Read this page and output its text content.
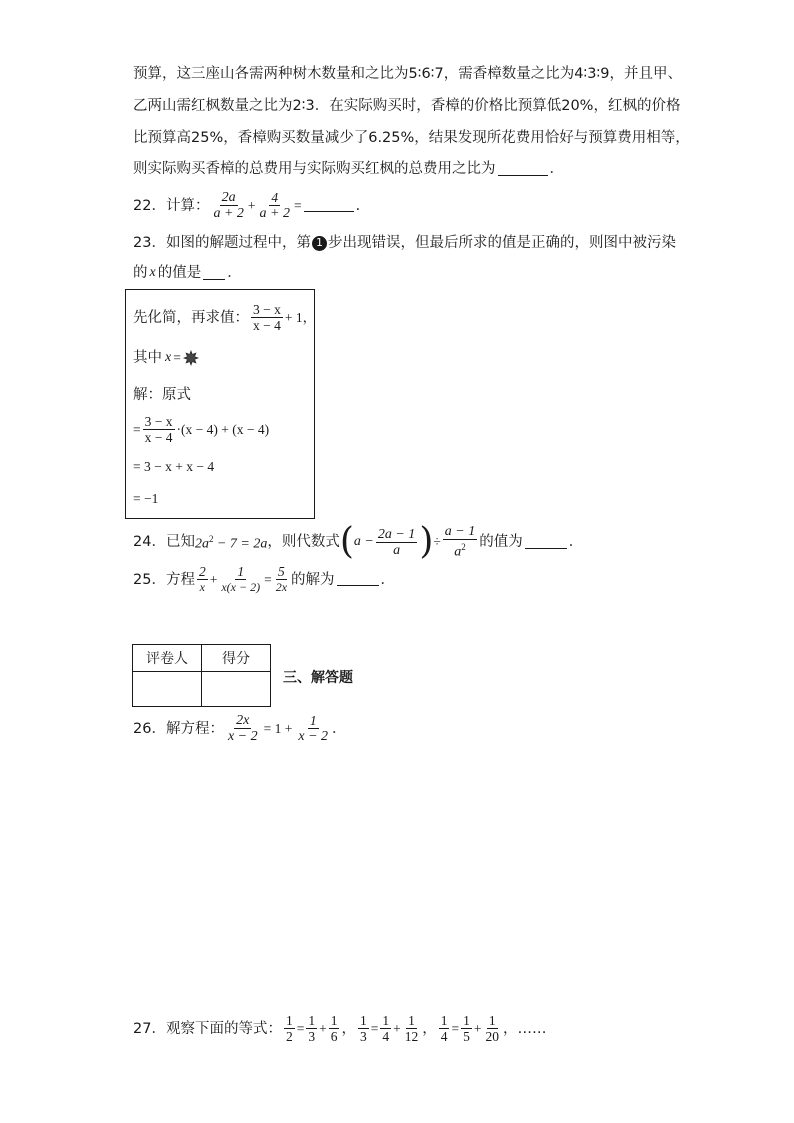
预算，这三座山各需两种树木数量和之比为5∶6∶7，需香樟数量之比为4∶3∶9，并且甲、
乙两山需红枫数量之比为2∶3．在实际购买时，香樟的价格比预算低20%，红枫的价格
比预算高25%，香樟购买数量减少了6.25%，结果发现所花费用恰好与预算费用相等，
则实际购买香樟的总费用与实际购买红枫的总费用之比为	．
22．计算： $\frac{2a}{a + 2} + \frac{4}{a + 2}$ =	．
23．如图的解题过程中，第 1 步出现错误，但最后所求的值是正确的，则图中被污染
的 x 的值是 ．
先化简，再求值： $\frac{3 - x}{x - 4} + 1$，
其中 x =
解：原式
= $\frac{3 - x}{x - 4} \cdot(x - 4) + (x - 4)$
= 3 − x + x − 4
= −1
24．已知 $2a^2 - 7 = 2a$ ，则代数式 ( $a - \frac{2a - 1}{a}$ ) ÷ $\frac{a - 1}{a^2}$ 的值为	．
25．方程 $\frac{2}{x} + \frac{1}{x(x - 2)} = \frac{5}{2x}$ 的解为	．
评卷人	得分

三、解答题
26．解方程： $\frac{2x}{x - 2} = 1 + \frac{1}{x - 2}$ ．
27．观察下面的等式： $\frac{1}{2} = \frac{1}{3} + \frac{1}{6}$ ， $\frac{1}{3} = \frac{1}{4} + \frac{1}{12}$ ， $\frac{1}{4} = \frac{1}{5} + \frac{1}{20}$ ， ……
